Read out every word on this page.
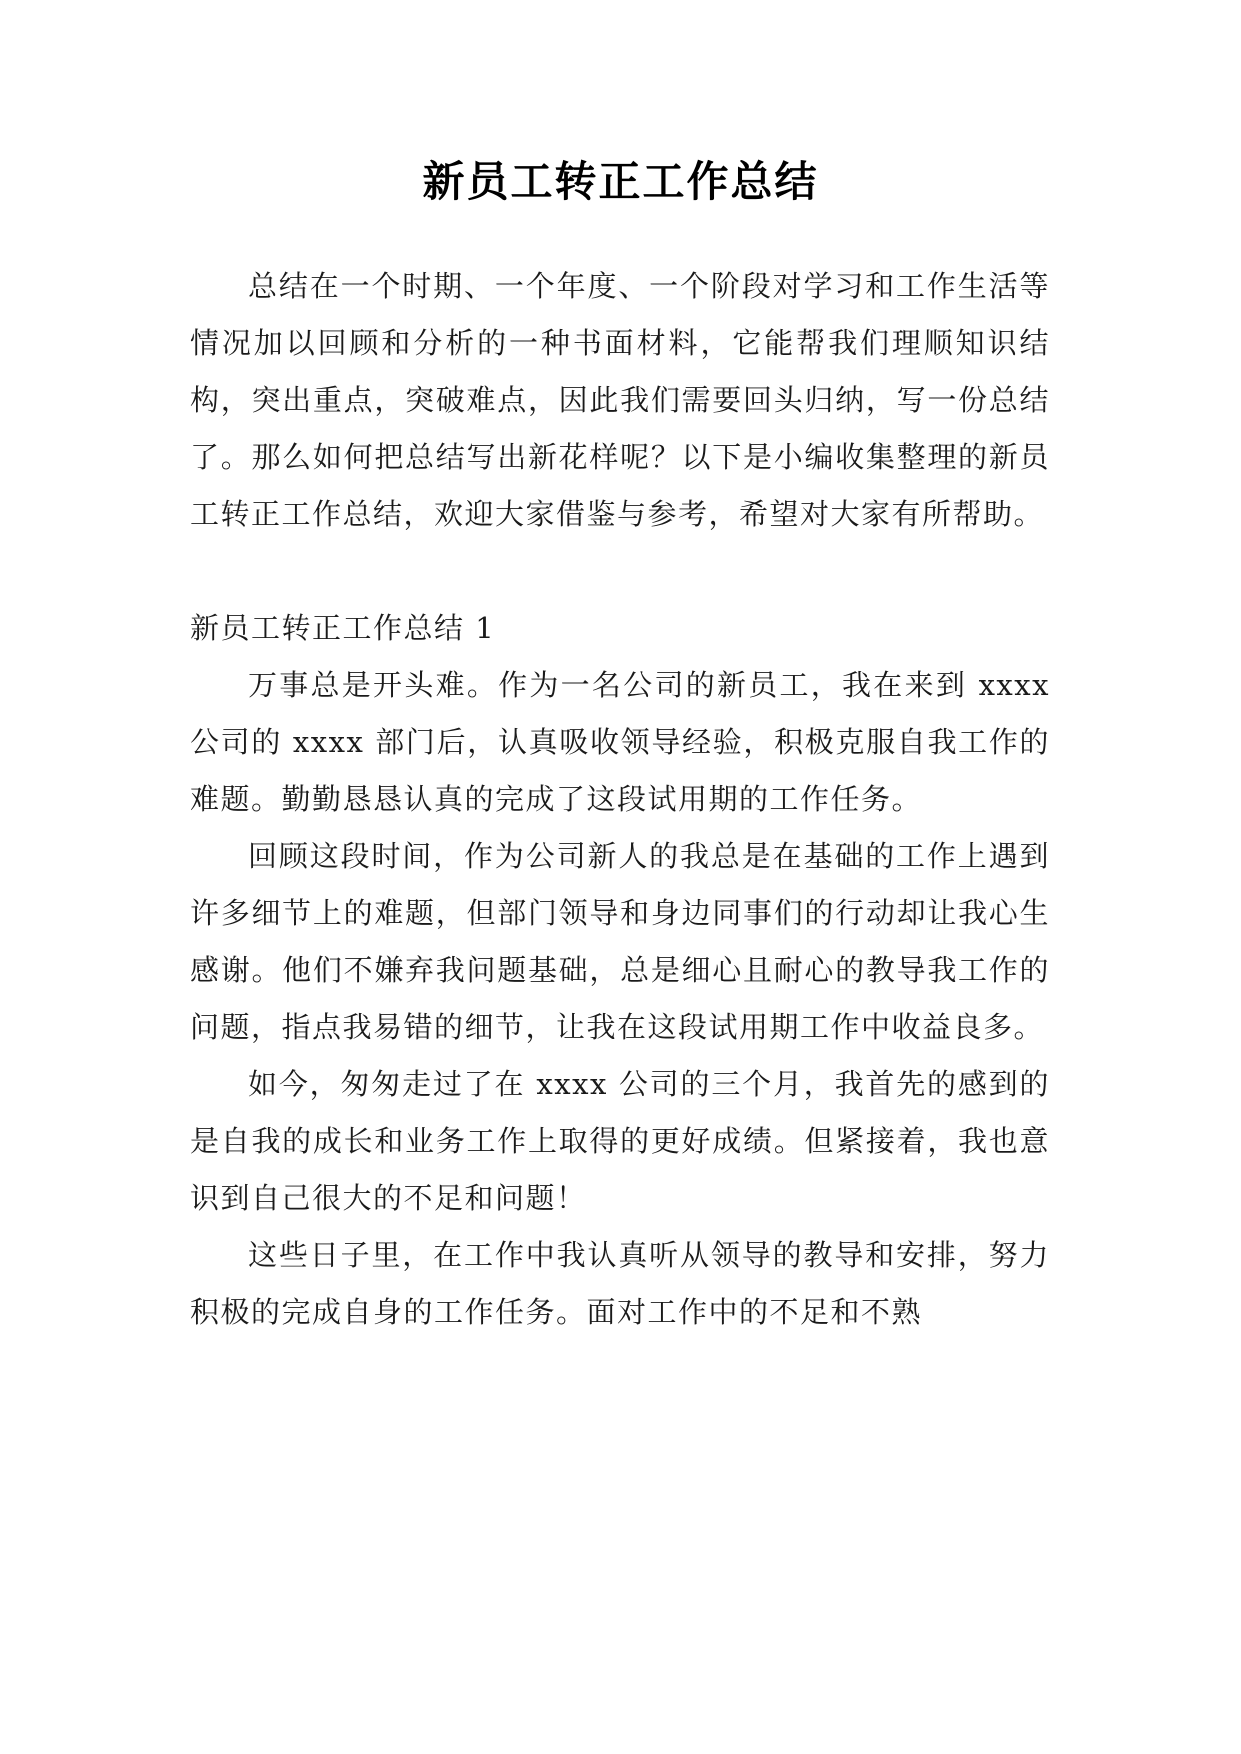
新员工转正工作总结

总结在一个时期、一个年度、一个阶段对学习和工作生活等情况加以回顾和分析的一种书面材料，它能帮我们理顺知识结构，突出重点，突破难点，因此我们需要回头归纳，写一份总结了。那么如何把总结写出新花样呢？以下是小编收集整理的新员工转正工作总结，欢迎大家借鉴与参考，希望对大家有所帮助。

新员工转正工作总结 1

万事总是开头难。作为一名公司的新员工，我在来到 xxxx 公司的 xxxx 部门后，认真吸收领导经验，积极克服自我工作的难题。勤勤恳恳认真的完成了这段试用期的工作任务。

回顾这段时间，作为公司新人的我总是在基础的工作上遇到许多细节上的难题，但部门领导和身边同事们的行动却让我心生感谢。他们不嫌弃我问题基础，总是细心且耐心的教导我工作的问题，指点我易错的细节，让我在这段试用期工作中收益良多。

如今，匆匆走过了在 xxxx 公司的三个月，我首先的感到的是自我的成长和业务工作上取得的更好成绩。但紧接着，我也意识到自己很大的不足和问题！

这些日子里，在工作中我认真听从领导的教导和安排，努力积极的完成自身的工作任务。面对工作中的不足和不熟
